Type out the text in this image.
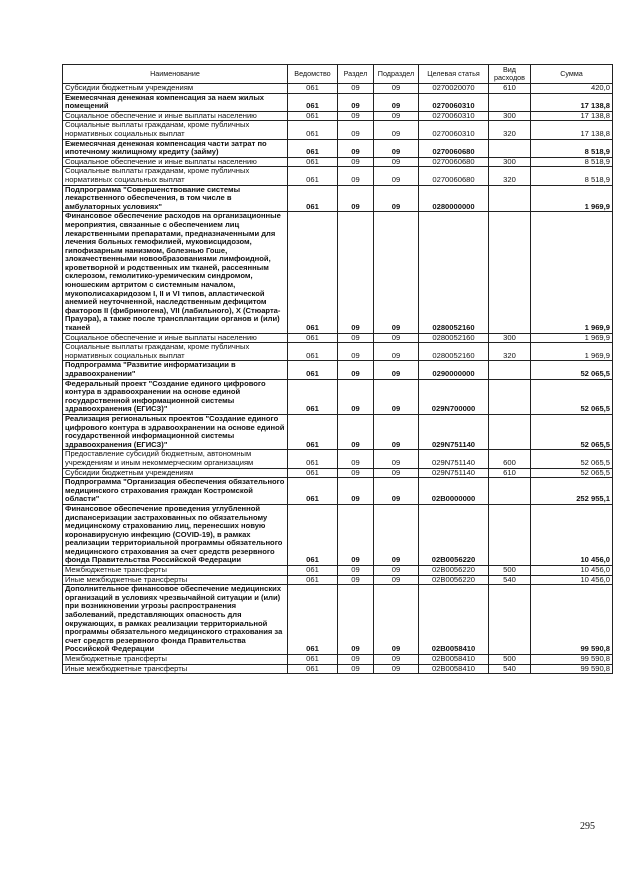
Наименование	Ведомство	Раздел	Подраздел	Целевая статья	Вид расходов	Сумма
Субсидии бюджетным учреждениям	061	09	09	0270020070	610	420,0
Ежемесячная денежная компенсация за наем жилых помещений	061	09	09	0270060310		17 138,8
Социальное обеспечение и иные выплаты населению	061	09	09	0270060310	300	17 138,8
Социальные выплаты гражданам, кроме публичных нормативных социальных выплат	061	09	09	0270060310	320	17 138,8
Ежемесячная денежная компенсация части затрат по ипотечному жилищному кредиту (займу)	061	09	09	0270060680		8 518,9
Социальное обеспечение и иные выплаты населению	061	09	09	0270060680	300	8 518,9
Социальные выплаты гражданам, кроме публичных нормативных социальных выплат	061	09	09	0270060680	320	8 518,9
Подпрограмма "Совершенствование системы лекарственного обеспечения, в том числе в амбулаторных условиях"	061	09	09	0280000000		1 969,9
Финансовое обеспечение расходов на организационные мероприятия, связанные с обеспечением лиц лекарственными препаратами, предназначенными для лечения больных гемофилией, муковисцидозом, гипофизарным нанизмом, болезнью Гоше, злокачественными новообразованиями лимфоидной, кроветворной и родственных им тканей, рассеянным склерозом, гемолитико-уремическим синдромом, юношеским артритом с системным началом, мукополисахаридозом I, II и VI типов, апластической анемией неуточненной, наследственным дефицитом факторов II (фибриногена), VII (лабильного), X (Стюарта-Прауэра), а также после трансплантации органов и (или) тканей	061	09	09	0280052160		1 969,9
Социальное обеспечение и иные выплаты населению	061	09	09	0280052160	300	1 969,9
Социальные выплаты гражданам, кроме публичных нормативных социальных выплат	061	09	09	0280052160	320	1 969,9
Подпрограмма "Развитие информатизации в здравоохранении"	061	09	09	0290000000		52 065,5
Федеральный проект "Создание единого цифрового контура в здравоохранении на основе единой государственной информационной системы здравоохранения (ЕГИСЗ)"	061	09	09	029N700000		52 065,5
Реализация региональных проектов "Создание единого цифрового контура в здравоохранении на основе единой государственной информационной системы здравоохранения (ЕГИСЗ)"	061	09	09	029N751140		52 065,5
Предоставление субсидий бюджетным, автономным учреждениям и иным некоммерческим организациям	061	09	09	029N751140	600	52 065,5
Субсидии бюджетным учреждениям	061	09	09	029N751140	610	52 065,5
Подпрограмма "Организация обеспечения обязательного медицинского страхования граждан Костромской области"	061	09	09	02B0000000		252 955,1
Финансовое обеспечение проведения углубленной диспансеризации застрахованных по обязательному медицинскому страхованию лиц, перенесших новую коронавирусную инфекцию (COVID-19), в рамках реализации территориальной программы обязательного медицинского страхования за счет средств резервного фонда Правительства Российской Федерации	061	09	09	02B0056220		10 456,0
Межбюджетные трансферты	061	09	09	02B0056220	500	10 456,0
Иные межбюджетные трансферты	061	09	09	02B0056220	540	10 456,0
Дополнительное финансовое обеспечение медицинских организаций в условиях чрезвычайной ситуации и (или) при возникновении угрозы распространения заболеваний, представляющих опасность для окружающих, в рамках реализации территориальной программы обязательного медицинского страхования за счет средств резервного фонда Правительства Российской Федерации	061	09	09	02B0058410		99 590,8
Межбюджетные трансферты	061	09	09	02B0058410	500	99 590,8
Иные межбюджетные трансферты	061	09	09	02B0058410	540	99 590,8
295
